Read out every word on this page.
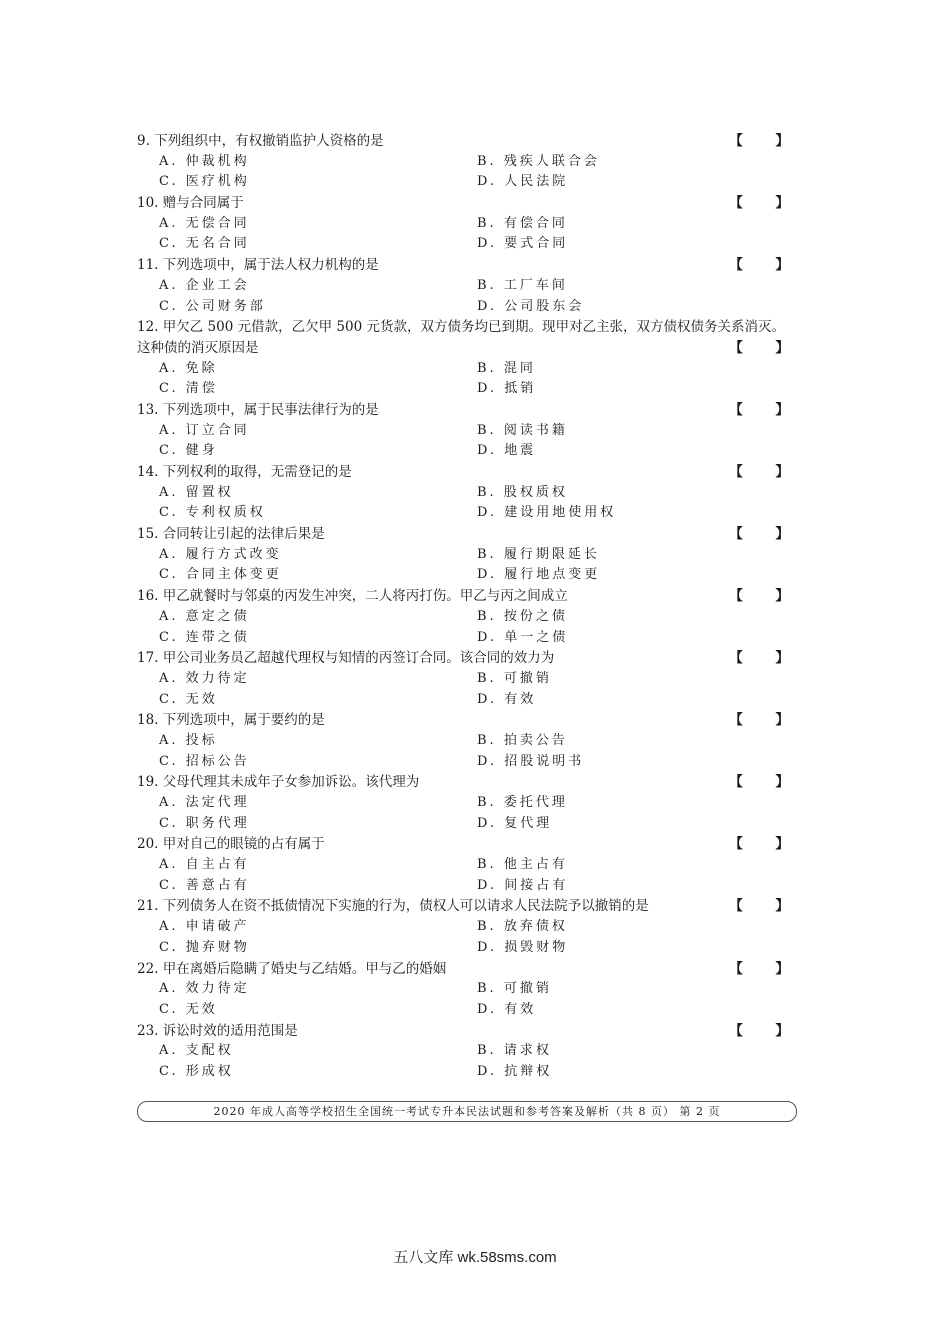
9. 下列组织中，有权撤销监护人资格的是	【 】
A. 仲裁机构	B. 残疾人联合会
C. 医疗机构	D. 人民法院
10. 赠与合同属于	【 】
A. 无偿合同	B. 有偿合同
C. 无名合同	D. 要式合同
11. 下列选项中，属于法人权力机构的是	【 】
A. 企业工会	B. 工厂车间
C. 公司财务部	D. 公司股东会
12. 甲欠乙 500 元借款，乙欠甲 500 元货款，双方债务均已到期。现甲对乙主张，双方债权债务关系消灭。这种债的消灭原因是	【 】
A. 免除	B. 混同
C. 清偿	D. 抵销
13. 下列选项中，属于民事法律行为的是	【 】
A. 订立合同	B. 阅读书籍
C. 健身	D. 地震
14. 下列权利的取得，无需登记的是	【 】
A. 留置权	B. 股权质权
C. 专利权质权	D. 建设用地使用权
15. 合同转让引起的法律后果是	【 】
A. 履行方式改变	B. 履行期限延长
C. 合同主体变更	D. 履行地点变更
16. 甲乙就餐时与邻桌的丙发生冲突，二人将丙打伤。甲乙与丙之间成立	【 】
A. 意定之债	B. 按份之债
C. 连带之债	D. 单一之债
17. 甲公司业务员乙超越代理权与知情的丙签订合同。该合同的效力为	【 】
A. 效力待定	B. 可撤销
C. 无效	D. 有效
18. 下列选项中，属于要约的是	【 】
A. 投标	B. 拍卖公告
C. 招标公告	D. 招股说明书
19. 父母代理其未成年子女参加诉讼。该代理为	【 】
A. 法定代理	B. 委托代理
C. 职务代理	D. 复代理
20. 甲对自己的眼镜的占有属于	【 】
A. 自主占有	B. 他主占有
C. 善意占有	D. 间接占有
21. 下列债务人在资不抵债情况下实施的行为，债权人可以请求人民法院予以撤销的是	【 】
A. 申请破产	B. 放弃债权
C. 抛弃财物	D. 损毁财物
22. 甲在离婚后隐瞒了婚史与乙结婚。甲与乙的婚姻	【 】
A. 效力待定	B. 可撤销
C. 无效	D. 有效
23. 诉讼时效的适用范围是	【 】
A. 支配权	B. 请求权
C. 形成权	D. 抗辩权
2020 年成人高等学校招生全国统一考试专升本民法试题和参考答案及解析（共 8 页） 第 2 页
五八文库 wk.58sms.com
